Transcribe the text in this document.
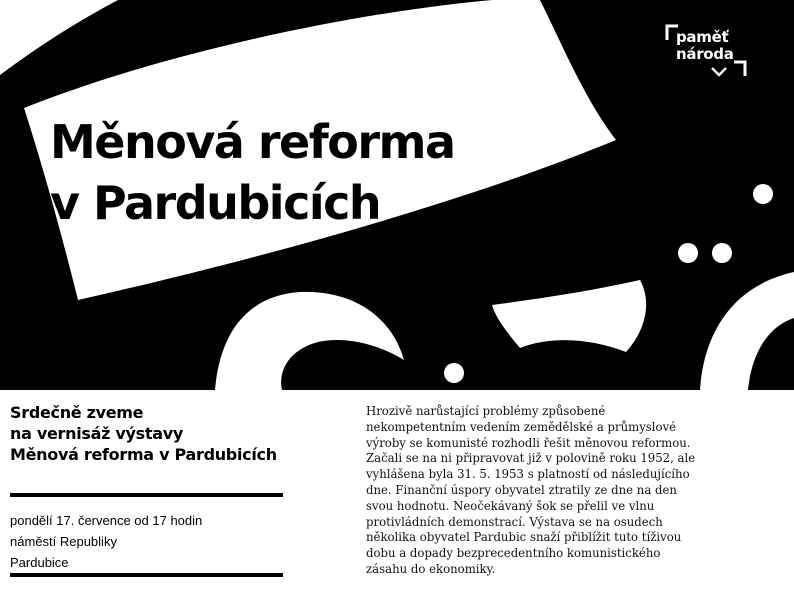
Měnová reforma
v Pardubicích
paměť
národa
Srdečně zveme
na vernisáž výstavy
Měnová reforma v Pardubicích
pondělí 17. července od 17 hodin
náměstí Republiky
Pardubice

Hrozivě narůstající problémy způsobené
nekompetentním vedením zemědělské a průmyslové
výroby se komunisté rozhodli řešit měnovou reformou.
Začali se na ni připravovat již v polovině roku 1952, ale
vyhlášena byla 31. 5. 1953 s platností od následujícího
dne. Finanční úspory obyvatel ztratily ze dne na den
svou hodnotu. Neočekávaný šok se přelil ve vlnu
protivládních demonstrací. Výstava se na osudech
několika obyvatel Pardubic snaží přiblížit tuto tíživou
dobu a dopady bezprecedentního komunistického
zásahu do ekonomiky.
